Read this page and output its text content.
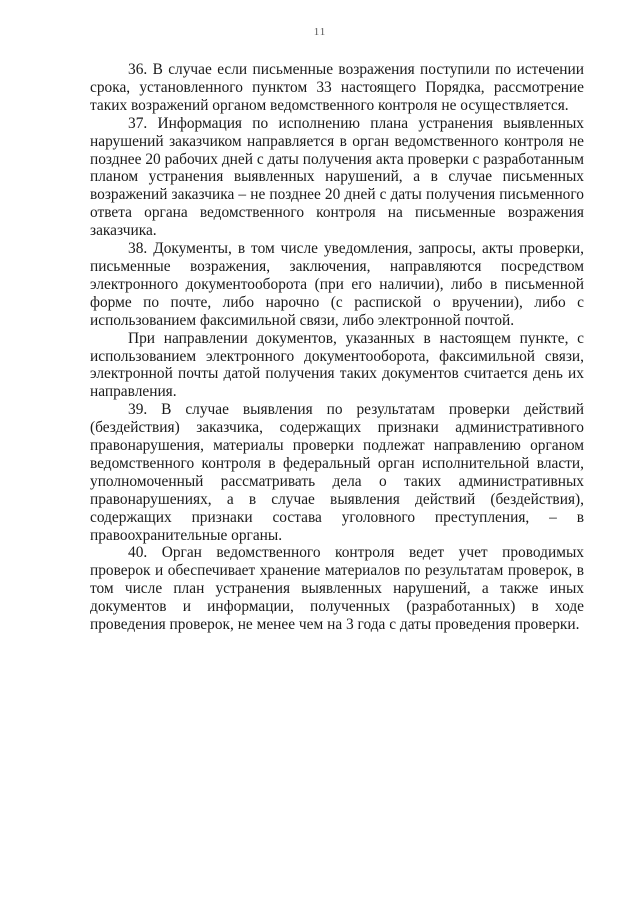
11

36. В случае если письменные возражения поступили по истечении срока, установленного пунктом 33 настоящего Порядка, рассмотрение таких возражений органом ведомственного контроля не осуществляется.

37. Информация по исполнению плана устранения выявленных нарушений заказчиком направляется в орган ведомственного контроля не позднее 20 рабочих дней с даты получения акта проверки с разработанным планом устранения выявленных нарушений, а в случае письменных возражений заказчика – не позднее 20 дней с даты получения письменного ответа органа ведомственного контроля на письменные возражения заказчика.

38. Документы, в том числе уведомления, запросы, акты проверки, письменные возражения, заключения, направляются посредством электронного документооборота (при его наличии), либо в письменной форме по почте, либо нарочно (с распиской о вручении), либо с использованием факсимильной связи, либо электронной почтой.

При направлении документов, указанных в настоящем пункте, с использованием электронного документооборота, факсимильной связи, электронной почты датой получения таких документов считается день их направления.

39. В случае выявления по результатам проверки действий (бездействия) заказчика, содержащих признаки административного правонарушения, материалы проверки подлежат направлению органом ведомственного контроля в федеральный орган исполнительной власти, уполномоченный рассматривать дела о таких административных правонарушениях, а в случае выявления действий (бездействия), содержащих признаки состава уголовного преступления, – в правоохранительные органы.

40. Орган ведомственного контроля ведет учет проводимых проверок и обеспечивает хранение материалов по результатам проверок, в том числе план устранения выявленных нарушений, а также иных документов и информации, полученных (разработанных) в ходе проведения проверок, не менее чем на 3 года с даты проведения проверки.
